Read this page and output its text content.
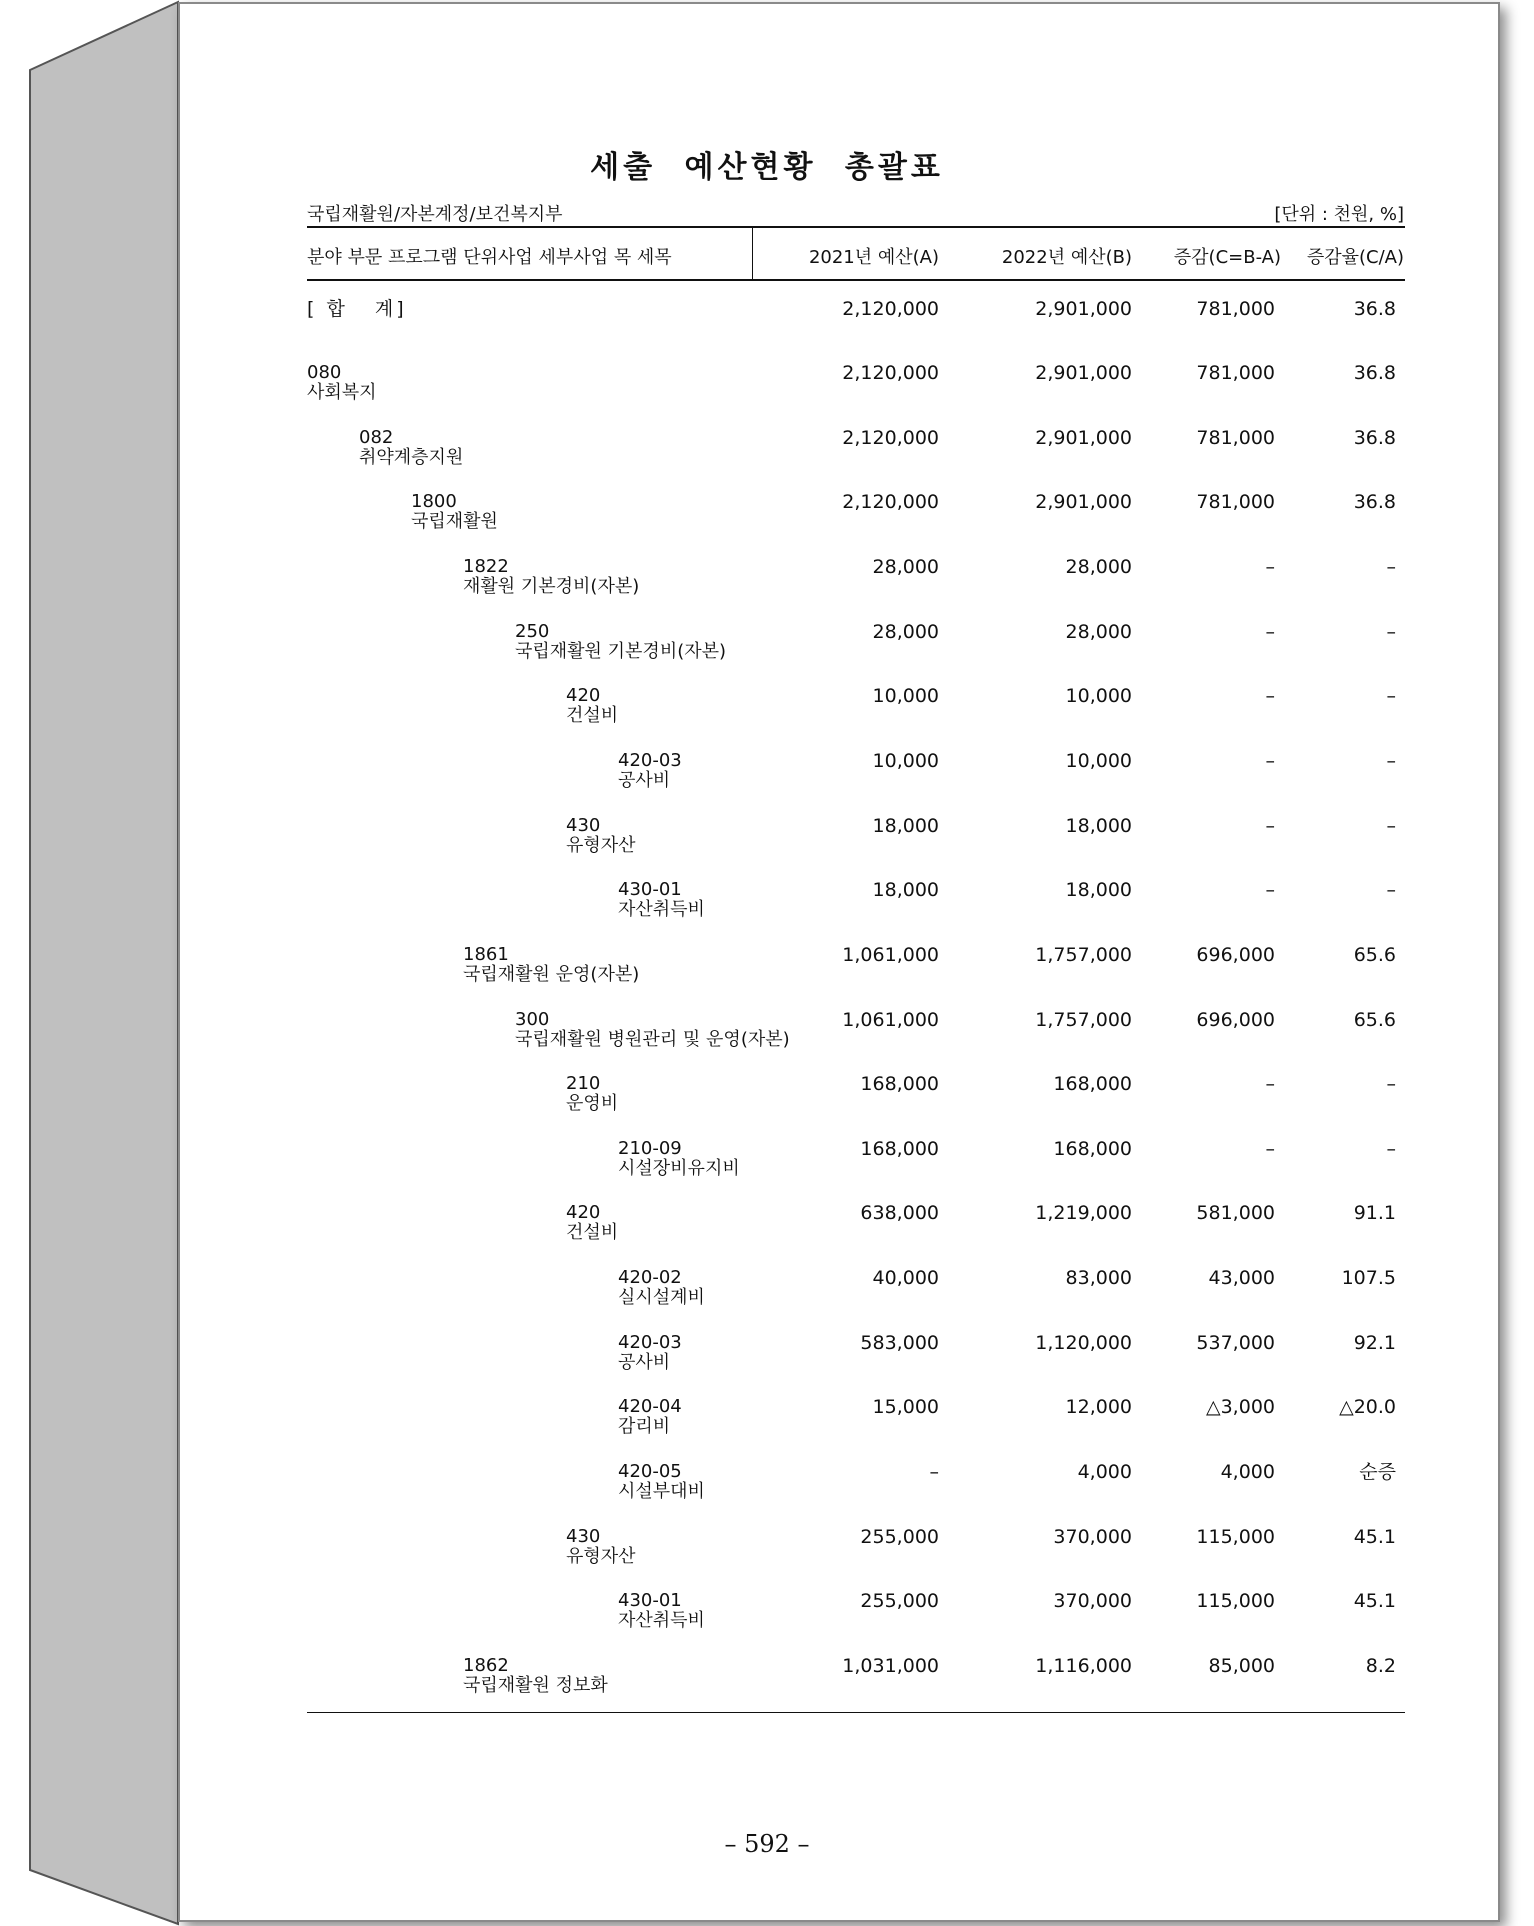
세출 예산현황 총괄표
국립재활원/자본계정/보건복지부	[단위 : 천원, %]
분야 부문 프로그램 단위사업 세부사업 목 세목	2021년 예산(A)	2022년 예산(B) 증감(C=B-A) 증감율(C/A)
[ 합   계]	2,120,000	2,901,000	781,000	36.8
080
사회복지
2,120,000	2,901,000	781,000	36.8
082
취약계층지원
2,120,000	2,901,000	781,000	36.8
1800
국립재활원
2,120,000	2,901,000	781,000	36.8
1822
재활원 기본경비(자본)
28,000	28,000	–	–
250
국립재활원 기본경비(자본)
28,000	28,000	–	–
420
건설비
10,000	10,000	–	–
420-03
공사비
10,000	10,000	–	–
430
유형자산
18,000	18,000	–	–
430-01
자산취득비
18,000	18,000	–	–
1861
국립재활원 운영(자본)
1,061,000	1,757,000	696,000	65.6
300
국립재활원 병원관리 및 운영(자본)
1,061,000	1,757,000	696,000	65.6
210
운영비
168,000	168,000	–	–
210-09
시설장비유지비
168,000	168,000	–	–
420
건설비
638,000	1,219,000	581,000	91.1
420-02
실시설계비
40,000	83,000	43,000	107.5
420-03
공사비
583,000	1,120,000	537,000	92.1
420-04
감리비
15,000	12,000	△3,000	△20.0
420-05
시설부대비
–	4,000	4,000	순증
430
유형자산
255,000	370,000	115,000	45.1
430-01
자산취득비
255,000	370,000	115,000	45.1
1862
국립재활원 정보화
1,031,000	1,116,000	85,000	8.2
– 592 –
